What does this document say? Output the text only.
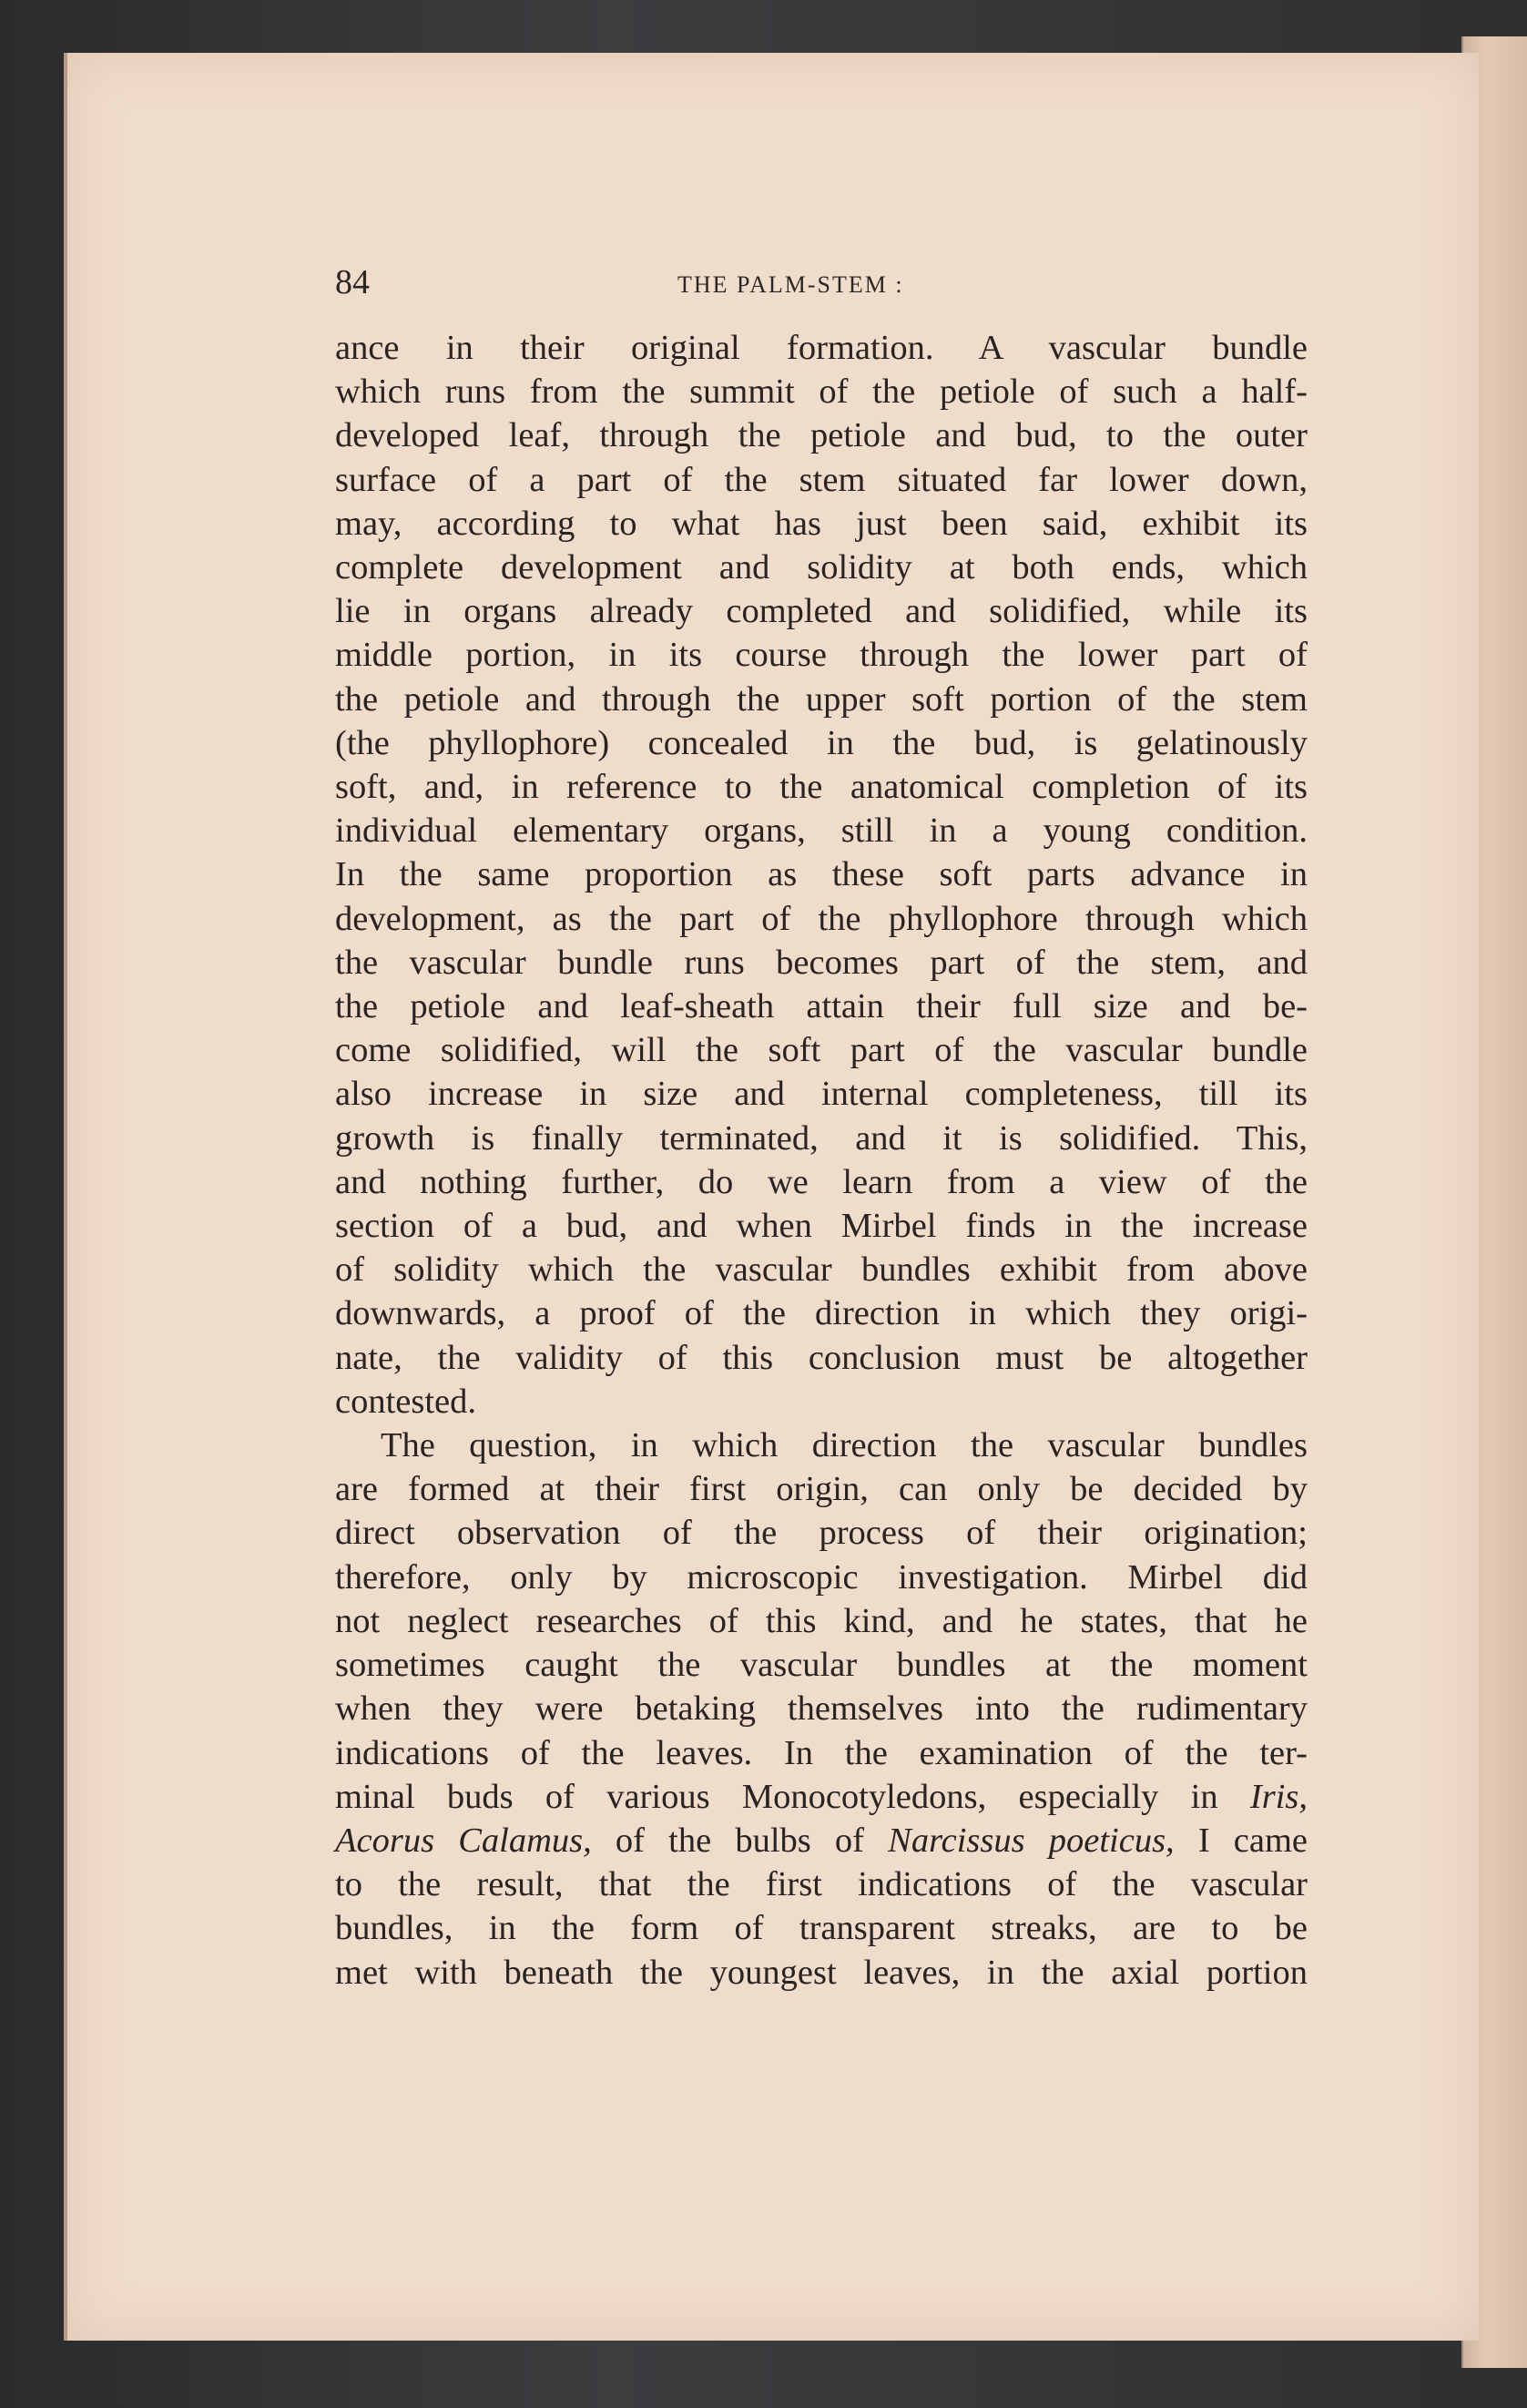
84	THE PALM-STEM :
ance in their original formation. A vascular bundle
which runs from the summit of the petiole of such a half-
developed leaf, through the petiole and bud, to the outer
surface of a part of the stem situated far lower down,
may, according to what has just been said, exhibit its
complete development and solidity at both ends, which
lie in organs already completed and solidified, while its
middle portion, in its course through the lower part of
the petiole and through the upper soft portion of the stem
(the phyllophore) concealed in the bud, is gelatinously
soft, and, in reference to the anatomical completion of its
individual elementary organs, still in a young condition.
In the same proportion as these soft parts advance in
development, as the part of the phyllophore through which
the vascular bundle runs becomes part of the stem, and
the petiole and leaf-sheath attain their full size and be-
come solidified, will the soft part of the vascular bundle
also increase in size and internal completeness, till its
growth is finally terminated, and it is solidified. This,
and nothing further, do we learn from a view of the
section of a bud, and when Mirbel finds in the increase
of solidity which the vascular bundles exhibit from above
downwards, a proof of the direction in which they origi-
nate, the validity of this conclusion must be altogether
contested.
The question, in which direction the vascular bundles
are formed at their first origin, can only be decided by
direct observation of the process of their origination;
therefore, only by microscopic investigation. Mirbel did
not neglect researches of this kind, and he states, that he
sometimes caught the vascular bundles at the moment
when they were betaking themselves into the rudimentary
indications of the leaves. In the examination of the ter-
minal buds of various Monocotyledons, especially in Iris,
Acorus Calamus, of the bulbs of Narcissus poeticus, I came
to the result, that the first indications of the vascular
bundles, in the form of transparent streaks, are to be
met with beneath the youngest leaves, in the axial portion
